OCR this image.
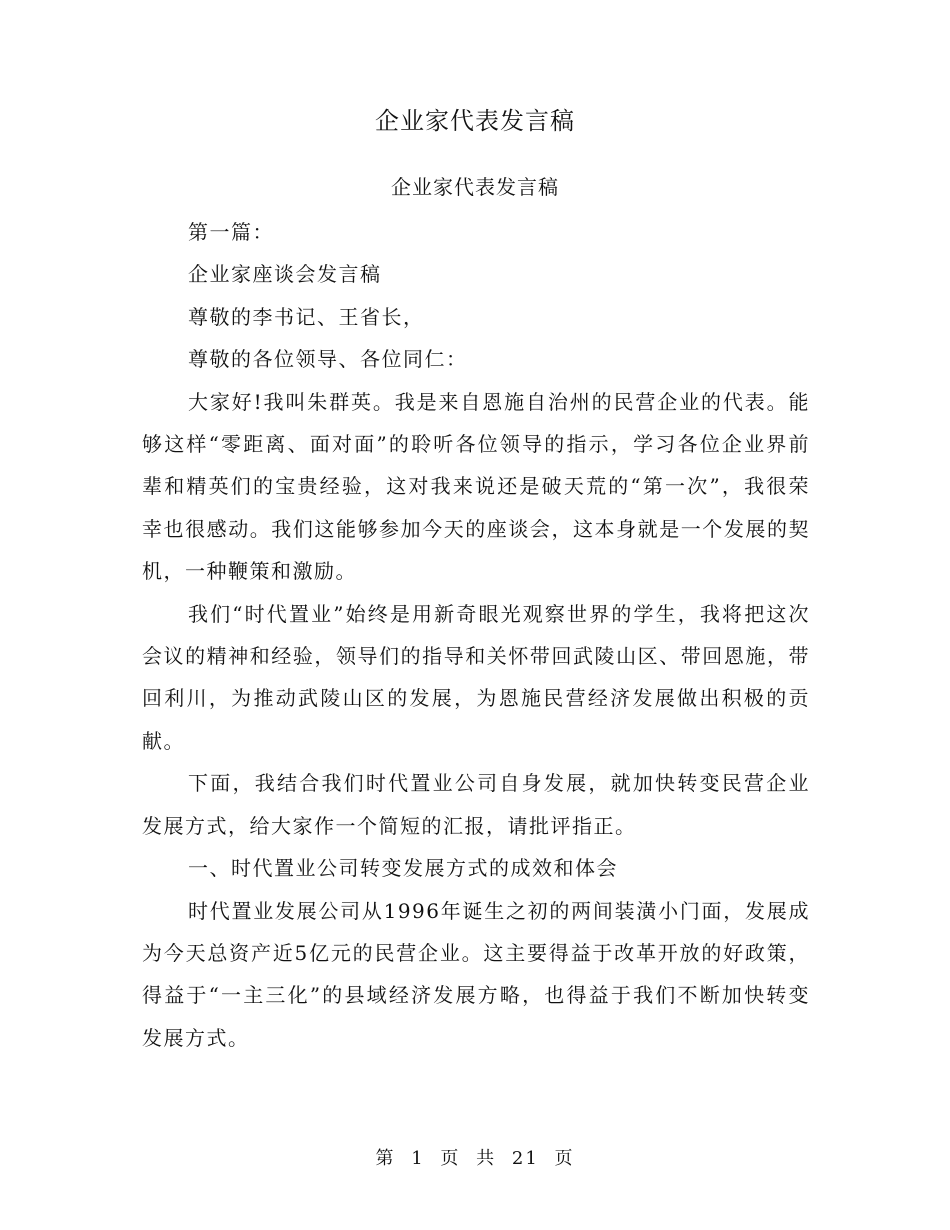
企业家代表发言稿
企业家代表发言稿

第一篇：

企业家座谈会发言稿

尊敬的李书记、王省长，

尊敬的各位领导、各位同仁：

大家好!我叫朱群英。我是来自恩施自治州的民营企业的代表。能够这样“零距离、面对面”的聆听各位领导的指示，学习各位企业界前辈和精英们的宝贵经验，这对我来说还是破天荒的“第一次”，我很荣幸也很感动。我们这能够参加今天的座谈会，这本身就是一个发展的契机，一种鞭策和激励。

我们“时代置业”始终是用新奇眼光观察世界的学生，我将把这次会议的精神和经验，领导们的指导和关怀带回武陵山区、带回恩施，带回利川，为推动武陵山区的发展，为恩施民营经济发展做出积极的贡献。

下面，我结合我们时代置业公司自身发展，就加快转变民营企业发展方式，给大家作一个简短的汇报，请批评指正。

一、时代置业公司转变发展方式的成效和体会

时代置业发展公司从1996年诞生之初的两间装潢小门面，发展成为今天总资产近5亿元的民营企业。这主要得益于改革开放的好政策，得益于“一主三化”的县域经济发展方略，也得益于我们不断加快转变发展方式。

第 1 页 共 21 页
